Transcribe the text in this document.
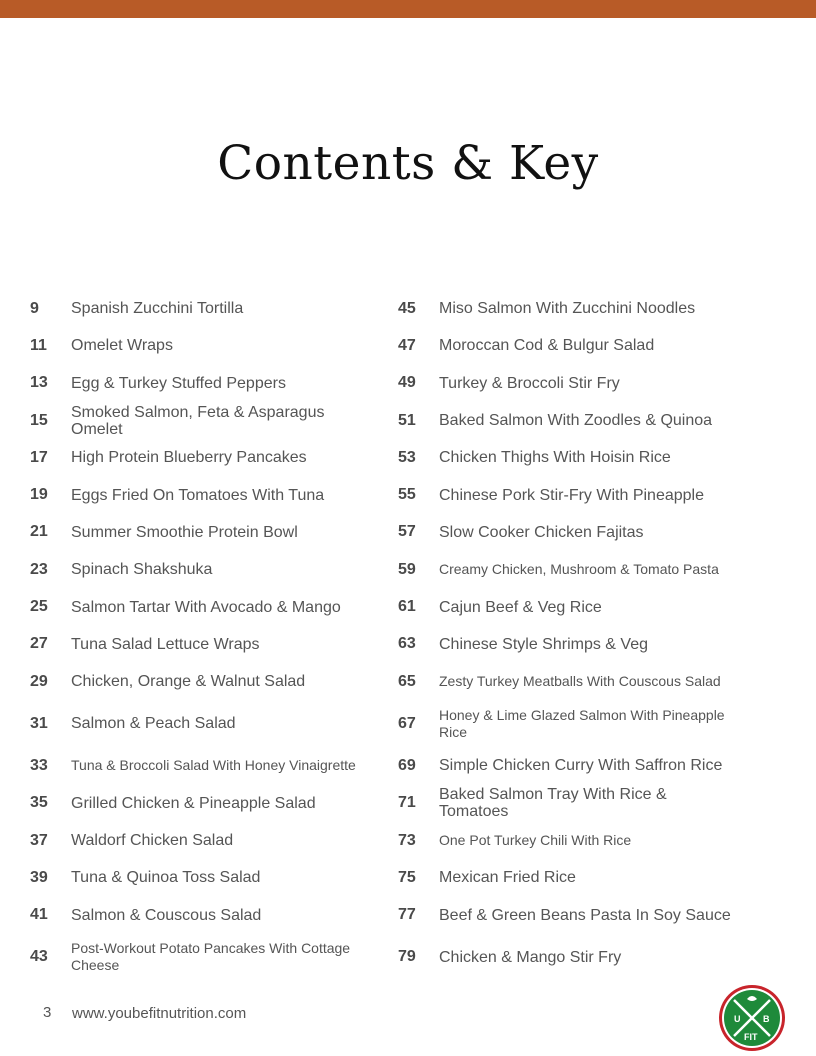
Contents & Key
9	Spanish Zucchini Tortilla
11	Omelet Wraps
13	Egg & Turkey Stuffed Peppers
15	Smoked Salmon, Feta & Asparagus Omelet
17	High Protein Blueberry Pancakes
19	Eggs Fried On Tomatoes With Tuna
21	Summer Smoothie Protein Bowl
23	Spinach Shakshuka
25	Salmon Tartar With Avocado & Mango
27	Tuna Salad Lettuce Wraps
29	Chicken, Orange & Walnut Salad
31	Salmon & Peach Salad
33	Tuna & Broccoli Salad With Honey Vinaigrette
35	Grilled Chicken & Pineapple Salad
37	Waldorf Chicken Salad
39	Tuna & Quinoa Toss Salad
41	Salmon & Couscous Salad
43	Post-Workout Potato Pancakes With Cottage Cheese
45	Miso Salmon With Zucchini Noodles
47	Moroccan Cod & Bulgur Salad
49	Turkey & Broccoli Stir Fry
51	Baked Salmon With Zoodles & Quinoa
53	Chicken Thighs With Hoisin Rice
55	Chinese Pork Stir-Fry With Pineapple
57	Slow Cooker Chicken Fajitas
59	Creamy Chicken, Mushroom & Tomato Pasta
61	Cajun Beef & Veg Rice
63	Chinese Style Shrimps & Veg
65	Zesty Turkey Meatballs With Couscous Salad
67	Honey & Lime Glazed Salmon With Pineapple Rice
69	Simple Chicken Curry With Saffron Rice
71	Baked Salmon Tray With Rice & Tomatoes
73	One Pot Turkey Chili With Rice
75	Mexican Fried Rice
77	Beef & Green Beans Pasta In Soy Sauce
79	Chicken & Mango Stir Fry
3 www.youbefitnutrition.com	U	B
FIT
